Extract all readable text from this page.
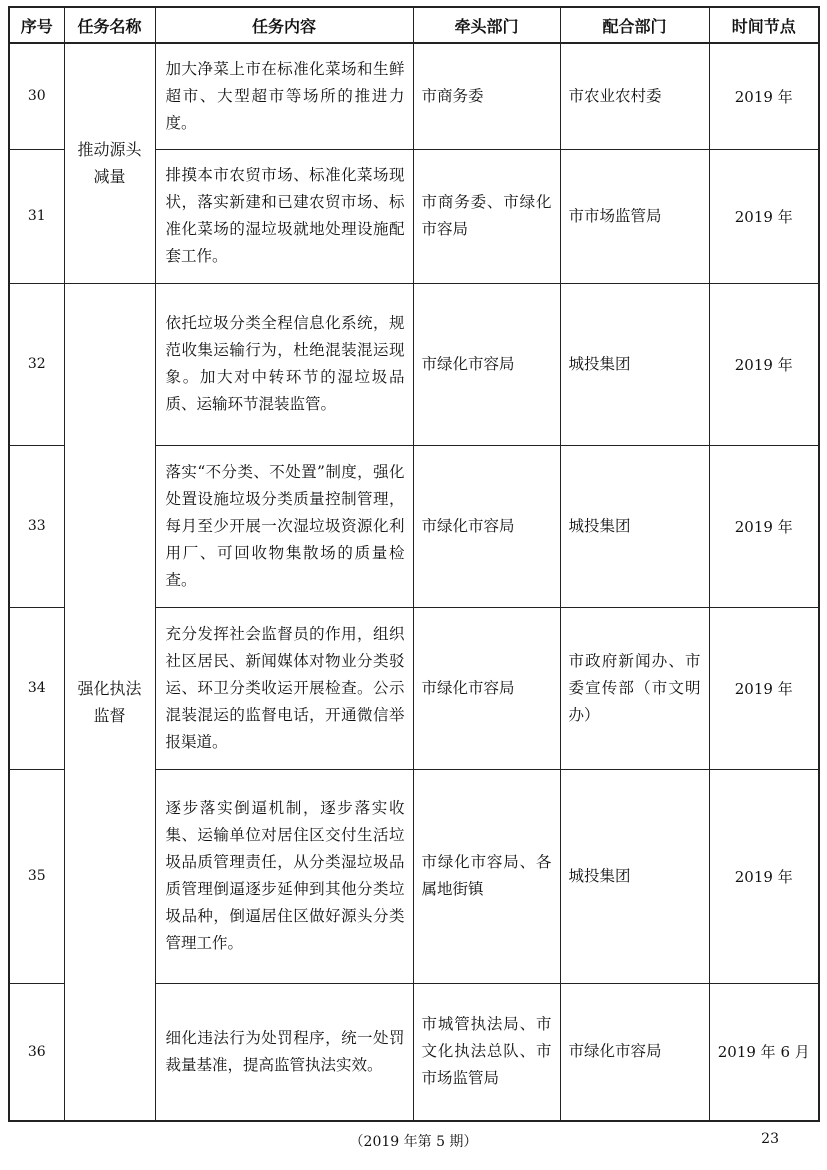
序号	任务名称	任务内容	牵头部门	配合部门	时间节点
30	推动源头减量	加大净菜上市在标准化菜场和生鲜超市、大型超市等场所的推进力度。	市商务委	市农业农村委	2019 年
31		排摸本市农贸市场、标准化菜场现状，落实新建和已建农贸市场、标准化菜场的湿垃圾就地处理设施配套工作。	市商务委、市绿化市容局	市市场监管局	2019 年
32	强化执法监督	依托垃圾分类全程信息化系统，规范收集运输行为，杜绝混装混运现象。加大对中转环节的湿垃圾品质、运输环节混装监管。	市绿化市容局	城投集团	2019 年
33		落实“不分类、不处置”制度，强化处置设施垃圾分类质量控制管理，每月至少开展一次湿垃圾资源化利用厂、可回收物集散场的质量检查。	市绿化市容局	城投集团	2019 年
34		充分发挥社会监督员的作用，组织社区居民、新闻媒体对物业分类驳运、环卫分类收运开展检查。公示混装混运的监督电话，开通微信举报渠道。	市绿化市容局	市政府新闻办、市委宣传部（市文明办）	2019 年
35		逐步落实倒逼机制，逐步落实收集、运输单位对居住区交付生活垃圾品质管理责任，从分类湿垃圾品质管理倒逼逐步延伸到其他分类垃圾品种，倒逼居住区做好源头分类管理工作。	市绿化市容局、各属地街镇	城投集团	2019 年
36		细化违法行为处罚程序，统一处罚裁量基准，提高监管执法实效。	市城管执法局、市文化执法总队、市市场监管局	市绿化市容局	2019 年 6 月
（2019 年第 5 期）	23
